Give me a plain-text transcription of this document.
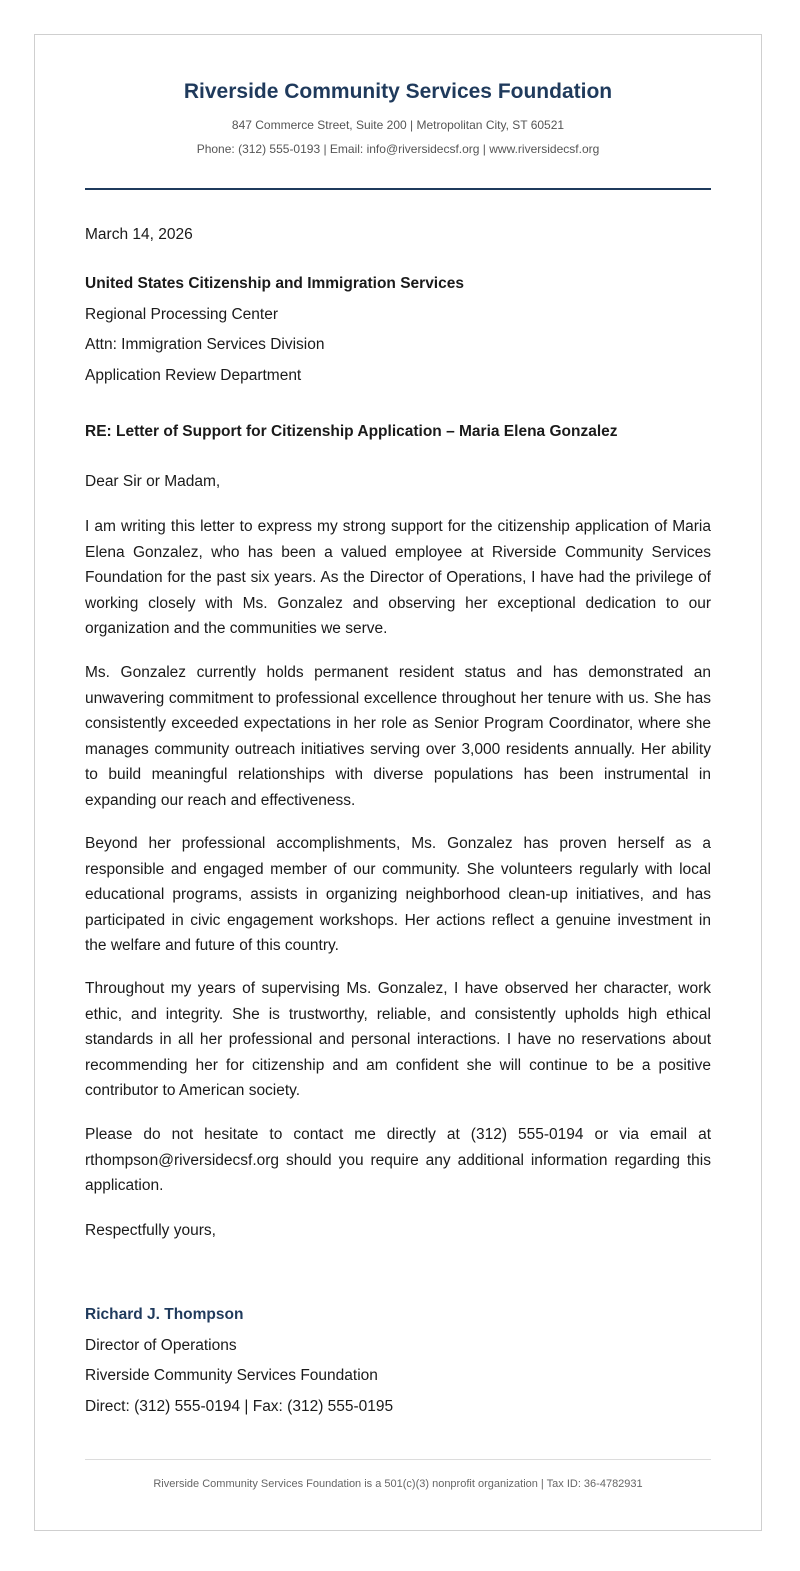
Riverside Community Services Foundation
847 Commerce Street, Suite 200 | Metropolitan City, ST 60521
Phone: (312) 555-0193 | Email: info@riversidecsf.org | www.riversidecsf.org
March 14, 2026
United States Citizenship and Immigration Services
Regional Processing Center
Attn: Immigration Services Division
Application Review Department
RE: Letter of Support for Citizenship Application – Maria Elena Gonzalez
Dear Sir or Madam,

I am writing this letter to express my strong support for the citizenship application of Maria Elena Gonzalez, who has been a valued employee at Riverside Community Services Foundation for the past six years. As the Director of Operations, I have had the privilege of working closely with Ms. Gonzalez and observing her exceptional dedication to our organization and the communities we serve.

Ms. Gonzalez currently holds permanent resident status and has demonstrated an unwavering commitment to professional excellence throughout her tenure with us. She has consistently exceeded expectations in her role as Senior Program Coordinator, where she manages community outreach initiatives serving over 3,000 residents annually. Her ability to build meaningful relationships with diverse populations has been instrumental in expanding our reach and effectiveness.

Beyond her professional accomplishments, Ms. Gonzalez has proven herself as a responsible and engaged member of our community. She volunteers regularly with local educational programs, assists in organizing neighborhood clean-up initiatives, and has participated in civic engagement workshops. Her actions reflect a genuine investment in the welfare and future of this country.

Throughout my years of supervising Ms. Gonzalez, I have observed her character, work ethic, and integrity. She is trustworthy, reliable, and consistently upholds high ethical standards in all her professional and personal interactions. I have no reservations about recommending her for citizenship and am confident she will continue to be a positive contributor to American society.

Please do not hesitate to contact me directly at (312) 555-0194 or via email at rthompson@riversidecsf.org should you require any additional information regarding this application.

Respectfully yours,
Richard J. Thompson
Director of Operations
Riverside Community Services Foundation
Direct: (312) 555-0194 | Fax: (312) 555-0195
Riverside Community Services Foundation is a 501(c)(3) nonprofit organization | Tax ID: 36-4782931
